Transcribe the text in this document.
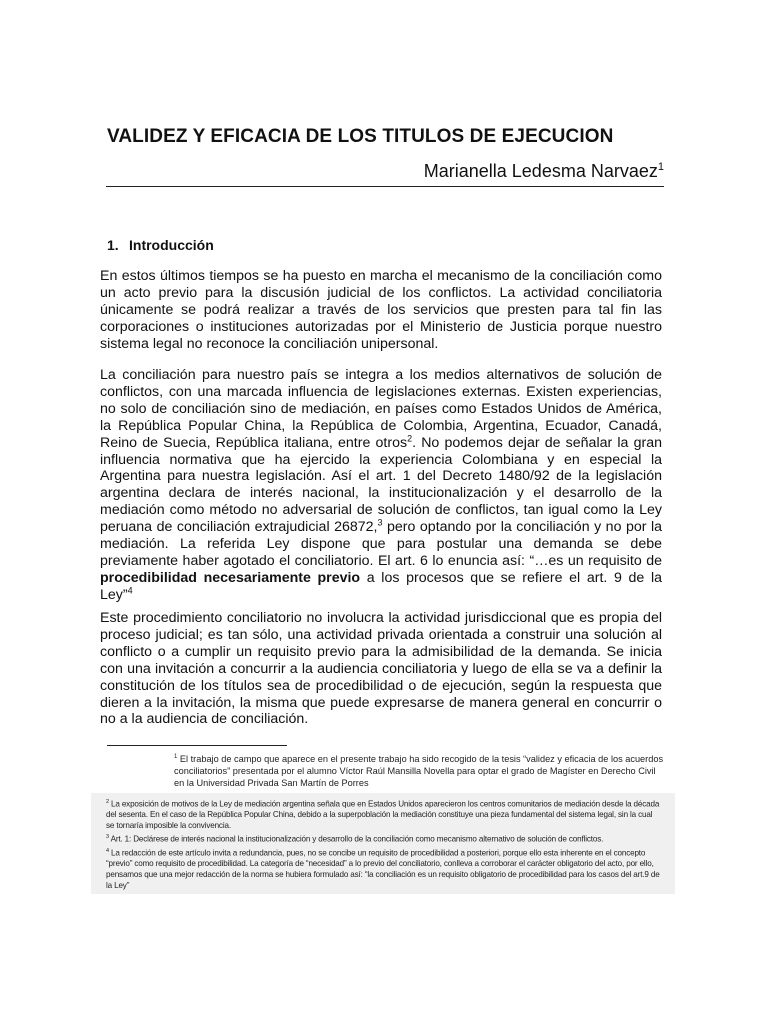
VALIDEZ Y EFICACIA DE LOS TITULOS DE EJECUCION
Marianella Ledesma Narvaez$^1$
1. Introducción
En estos últimos tiempos se ha puesto en marcha el mecanismo de la conciliación como un acto previo para la discusión judicial de los conflictos. La actividad conciliatoria únicamente se podrá realizar a través de los servicios que presten para tal fin las corporaciones o instituciones autorizadas por el Ministerio de Justicia porque nuestro sistema legal no reconoce la conciliación unipersonal.
La conciliación para nuestro país se integra a los medios alternativos de solución de conflictos, con una marcada influencia de legislaciones externas. Existen experiencias, no solo de conciliación sino de mediación, en países como Estados Unidos de América, la República Popular China, la República de Colombia, Argentina, Ecuador, Canadá, Reino de Suecia, República italiana, entre otros$^2$. No podemos dejar de señalar la gran influencia normativa que ha ejercido la experiencia Colombiana y en especial la Argentina para nuestra legislación. Así el art. 1 del Decreto 1480/92 de la legislación argentina declara de interés nacional, la institucionalización y el desarrollo de la mediación como método no adversarial de solución de conflictos, tan igual como la Ley peruana de conciliación extrajudicial 26872,$^3$ pero optando por la conciliación y no por la mediación. La referida Ley dispone que para postular una demanda se debe previamente haber agotado el conciliatorio. El art. 6 lo enuncia así: “…es un requisito de procedibilidad necesariamente previo a los procesos que se refiere el art. 9 de la Ley”$^4$
Este procedimiento conciliatorio no involucra la actividad jurisdiccional que es propia del proceso judicial; es tan sólo, una actividad privada orientada a construir una solución al conflicto o a cumplir un requisito previo para la admisibilidad de la demanda. Se inicia con una invitación a concurrir a la audiencia conciliatoria y luego de ella se va a definir la constitución de los títulos sea de procedibilidad o de ejecución, según la respuesta que dieren a la invitación, la misma que puede expresarse de manera general en concurrir o no a la audiencia de conciliación.
$^1$ El trabajo de campo que aparece en el presente trabajo ha sido recogido de la tesis “validez y eficacia de los acuerdos conciliatorios” presentada por el alumno Víctor Raúl Mansilla Novella para optar el grado de Magíster en Derecho Civil en la Universidad Privada San Martín de Porres

$^2$ La exposición de motivos de la Ley de mediación argentina señala que en Estados Unidos aparecieron los centros comunitarios de mediación desde la década del sesenta. En el caso de la República Popular China, debido a la superpoblación la mediación constituye una pieza fundamental del sistema legal, sin la cual se tornaría imposible la convivencia.

$^3$ Art. 1: Declárese de interés nacional la institucionalización y desarrollo de la conciliación como mecanismo alternativo de solución de conflictos.

$^4$ La redacción de este artículo invita a redundancia, pues, no se concibe un requisito de procedibilidad a posteriori, porque ello esta inherente en el concepto “previo” como requisito de procedibilidad. La categoría de “necesidad” a lo previo del conciliatorio, conlleva a corroborar el carácter obligatorio del acto, por ello, pensamos que una mejor redacción de la norma se hubiera formulado así: “la conciliación es un requisito obligatorio de procedibilidad para los casos del art.9 de la Ley”
